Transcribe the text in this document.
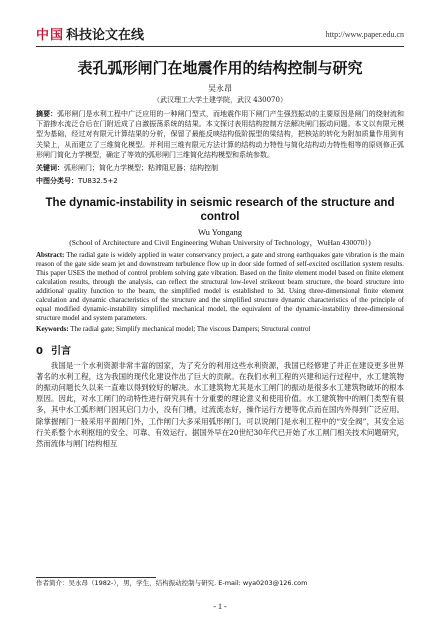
中国 科技论文在线	http://www.paper.edu.cn
表孔弧形闸门在地震作用的结构控制与研究
吴永昂
（武汉理工大学土建学院，武汉 430070）
摘要：弧形闸门是水利工程中广泛应用的一种闸门型式，而地震作用下闸门产生强烈振动的主要原因是闸门的绕射流和下游掺水流泛合后在门附近成了自激振荡系统的结果。本文探讨表用结构控制方法解决闸门振动问题。本文以有限元模型为基础，经过对有限元计算结果的分析，保留了最能反映结构低阶振型的梁结构，把核站的转化为附加质量作用到有关梁上，从而建立了三维简化模型。并利用三维有限元方法计算的结构动力特性与简化结构动力特性相等的原则修正弧形闸门简化力学模型，确定了等效的弧形闸门三维简化结构模型和系统参数。
关键词：弧形闸门；简化力学模型；粘滞阻尼器；结构控制
中图分类号：TU832.5+2
The dynamic-instability in seismic research of the structure and control
Wu Yongang
(School of Architecture and Civil Engineering Wuhan University of Technology，WuHan 430070）)
Abstract: The radial gate is widely applied in water conservancy project, a gate and strong earthquakes gate vibration is the main reason of the gate side seam jet and downstream turbulence flow up in door side formed of self-excited oscillation system results. This paper USES the method of control problem solving gate vibration. Based on the finite element model based on finite element calculation results, through the analysis, can reflect the structural low-level strikeout beam structure, the board structure into additional quality function to the beam, the simplified model is established to 3d. Using three-dimensional finite element calculation and dynamic characteristics of the structure and the simplified structure dynamic characteristics of the principle of equal modified dynamic-instability simplified mechanical model, the equivalent of the dynamic-instability three-dimensional structure model and system parameters.
Keywords: The radial gate; Simplify mechanical model; The viscous Dampers; Structural control
0 引言
我国是一个水利资源非常丰富的国家，为了充分的利用这些水利资源，我国已经修建了并正在建设更多世界著名的水利工程，这为我国的现代化建设作出了巨大的贡献。在我们水利工程的兴建和运行过程中，水工建筑物的振动问题长久以来一直难以得到较好的解决。水工建筑物尤其是水工闸门的振动是很多水工建筑物破坏的根本原因。因此，对水工闸门的动特性进行研究具有十分重要的理论意义和使用价值。水工建筑物中的闸门类型有很多，其中水工弧形闸门因其启门力小，没有门槽，过流流态好，操作运行方便等优点而在国内外得到广泛应用。除掌握闸门一般采用平面闸门外，工作闸门大多采用弧形闸门。可以说闸门是水利工程中的“安全阀”，其安全运行关系整个水利枢纽的安全、可靠、有效运行。据国外早在20世纪30年代已开始了水工闸门相关技术问题研究，然而流体与闸门结构相互
作者简介：吴永昂（1982-），男，学生，结构振动控制与研究. E-mail: wya0203@126.com
- 1 -
